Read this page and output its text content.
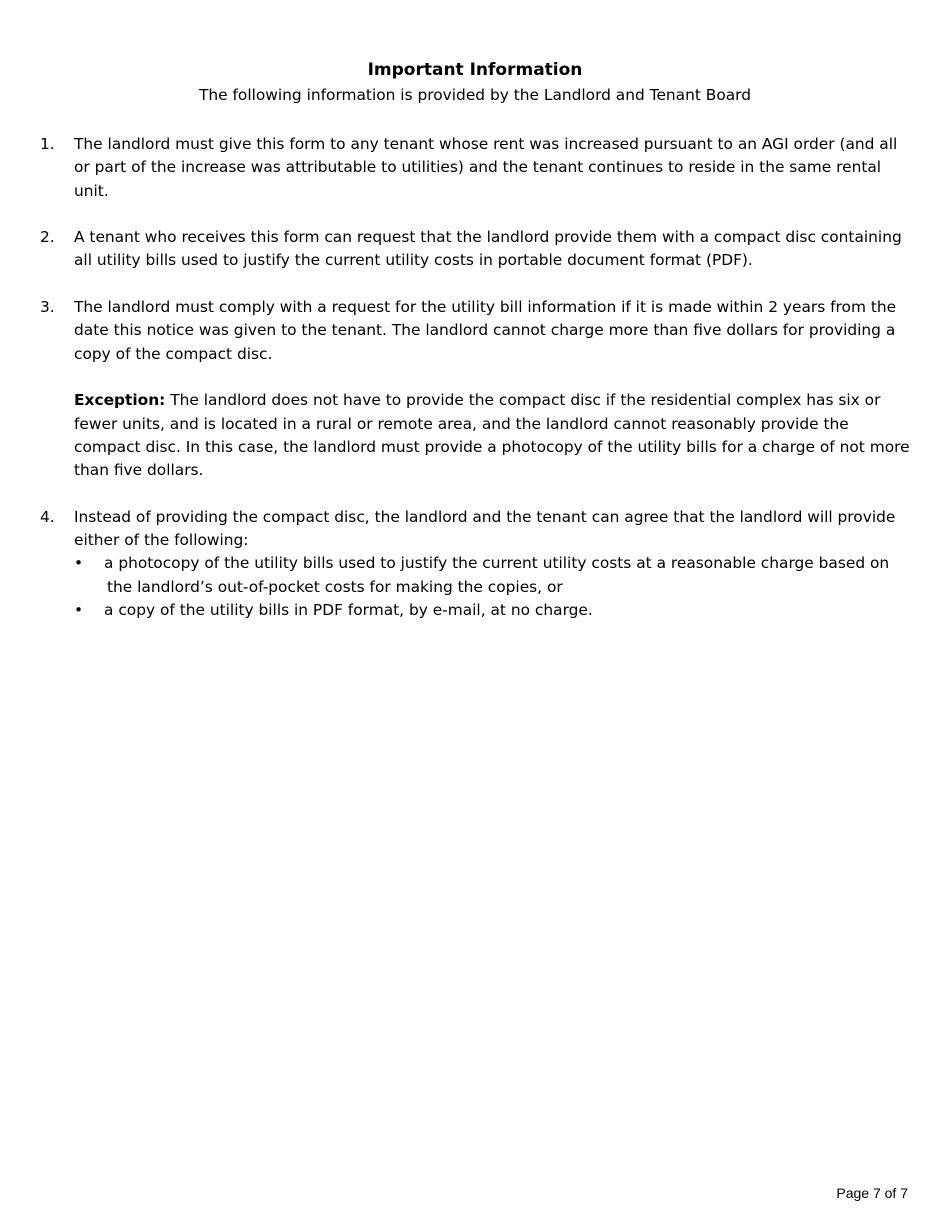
Important Information
The following information is provided by the Landlord and Tenant Board
1. The landlord must give this form to any tenant whose rent was increased pursuant to an AGI order (and all or part of the increase was attributable to utilities) and the tenant continues to reside in the same rental unit.
2. A tenant who receives this form can request that the landlord provide them with a compact disc containing all utility bills used to justify the current utility costs in portable document format (PDF).
3. The landlord must comply with a request for the utility bill information if it is made within 2 years from the date this notice was given to the tenant. The landlord cannot charge more than five dollars for providing a copy of the compact disc.
Exception: The landlord does not have to provide the compact disc if the residential complex has six or fewer units, and is located in a rural or remote area, and the landlord cannot reasonably provide the compact disc. In this case, the landlord must provide a photocopy of the utility bills for a charge of not more than five dollars.
4. Instead of providing the compact disc, the landlord and the tenant can agree that the landlord will provide either of the following:
• a photocopy of the utility bills used to justify the current utility costs at a reasonable charge based on
the landlord’s out-of-pocket costs for making the copies, or
• a copy of the utility bills in PDF format, by e-mail, at no charge.
Page 7 of 7
